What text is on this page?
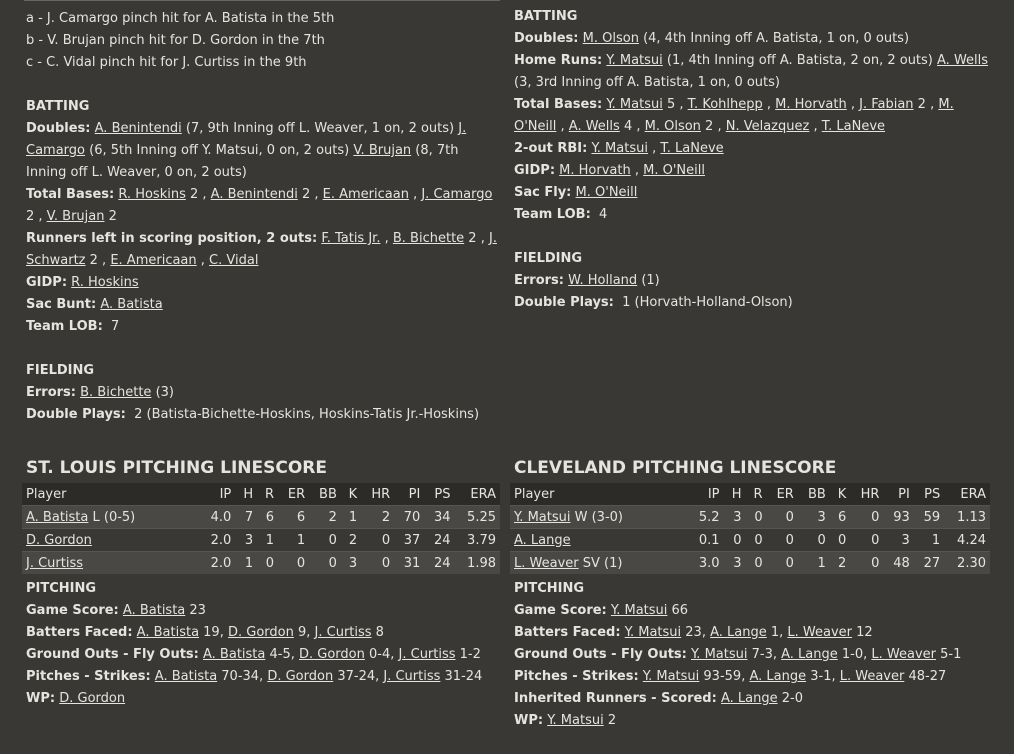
a - J. Camargo pinch hit for A. Batista in the 5th
b - V. Brujan pinch hit for D. Gordon in the 7th
c - C. Vidal pinch hit for J. Curtiss in the 9th
BATTING
Doubles: A. Benintendi (7, 9th Inning off L. Weaver, 1 on, 2 outs) J. Camargo (6, 5th Inning off Y. Matsui, 0 on, 2 outs) V. Brujan (8, 7th Inning off L. Weaver, 0 on, 2 outs)
Total Bases: R. Hoskins 2 , A. Benintendi 2 , E. Americaan , J. Camargo 2 , V. Brujan 2
Runners left in scoring position, 2 outs: F. Tatis Jr. , B. Bichette 2 , J. Schwartz 2 , E. Americaan , C. Vidal
GIDP: R. Hoskins
Sac Bunt: A. Batista
Team LOB: 7
FIELDING
Errors: B. Bichette (3)
Double Plays: 2 (Batista-Bichette-Hoskins, Hoskins-Tatis Jr.-Hoskins)
BATTING
Doubles: M. Olson (4, 4th Inning off A. Batista, 1 on, 0 outs)
Home Runs: Y. Matsui (1, 4th Inning off A. Batista, 2 on, 2 outs) A. Wells (3, 3rd Inning off A. Batista, 1 on, 0 outs)
Total Bases: Y. Matsui 5 , T. Kohlhepp , M. Horvath , J. Fabian 2 , M. O'Neill , A. Wells 4 , M. Olson 2 , N. Velazquez , T. LaNeve
2-out RBI: Y. Matsui , T. LaNeve
GIDP: M. Horvath , M. O'Neill
Sac Fly: M. O'Neill
Team LOB: 4
FIELDING
Errors: W. Holland (1)
Double Plays: 1 (Horvath-Holland-Olson)
ST. LOUIS PITCHING LINESCORE	CLEVELAND PITCHING LINESCORE
Player	IP	H	R	ER	BB	K	HR	PI	PS	ERA
A. Batista L (0-5)	4.0	7	6	6	2	1	2	70	34	5.25
D. Gordon	2.0	3	1	1	0	2	0	37	24	3.79
J. Curtiss	2.0	1	0	0	0	3	0	31	24	1.98
Player	IP	H	R	ER	BB	K	HR	PI	PS	ERA
Y. Matsui W (3-0)	5.2	3	0	0	3	6	0	93	59	1.13
A. Lange	0.1	0	0	0	0	0	0	3	1	4.24
L. Weaver SV (1)	3.0	3	0	0	1	2	0	48	27	2.30
PITCHING
Game Score: A. Batista 23
Batters Faced: A. Batista 19, D. Gordon 9, J. Curtiss 8
Ground Outs - Fly Outs: A. Batista 4-5, D. Gordon 0-4, J. Curtiss 1-2
Pitches - Strikes: A. Batista 70-34, D. Gordon 37-24, J. Curtiss 31-24
WP: D. Gordon
PITCHING
Game Score: Y. Matsui 66
Batters Faced: Y. Matsui 23, A. Lange 1, L. Weaver 12
Ground Outs - Fly Outs: Y. Matsui 7-3, A. Lange 1-0, L. Weaver 5-1
Pitches - Strikes: Y. Matsui 93-59, A. Lange 3-1, L. Weaver 48-27
Inherited Runners - Scored: A. Lange 2-0
WP: Y. Matsui 2
